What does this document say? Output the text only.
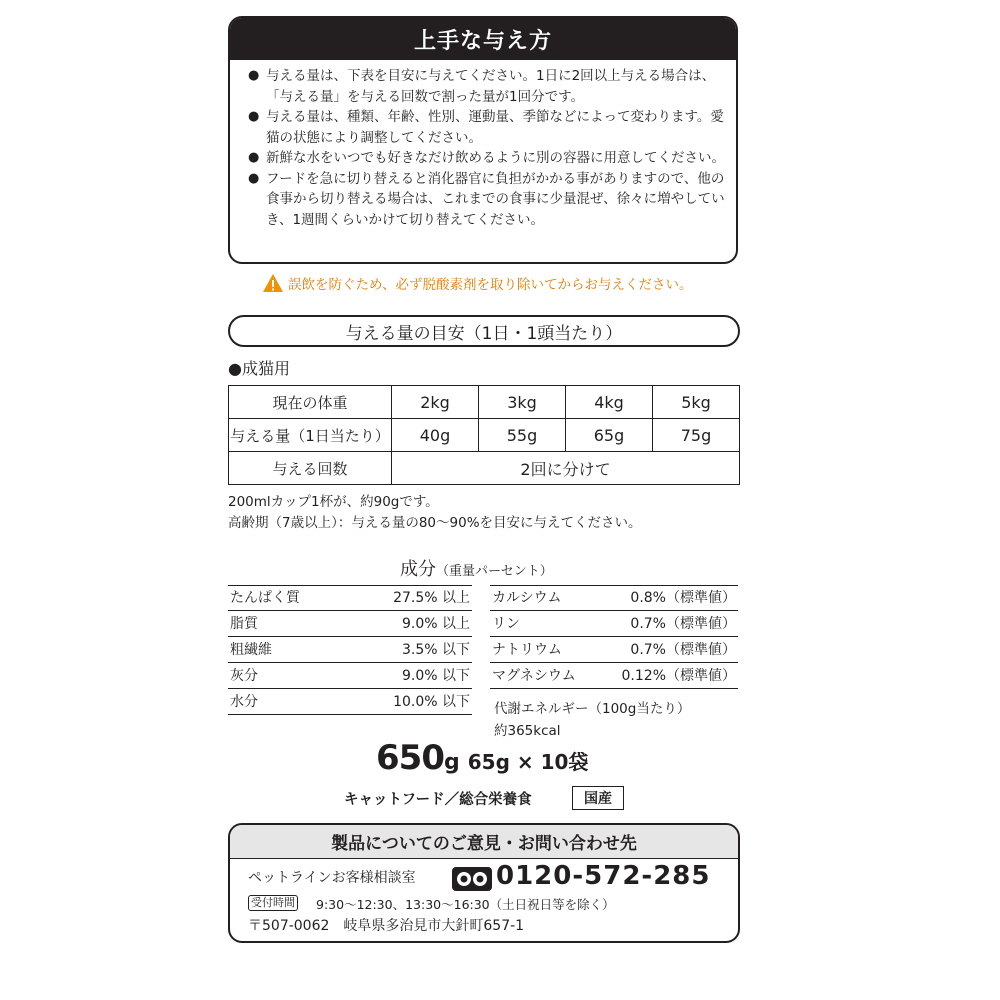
上手な与え方
● 与える量は、下表を目安に与えてください。1日に2回以上与える場合は、「与える量」を与える回数で割った量が1回分です。
● 与える量は、種類、年齢、性別、運動量、季節などによって変わります。愛猫の状態により調整してください。
● 新鮮な水をいつでも好きなだけ飲めるように別の容器に用意してください。
● フードを急に切り替えると消化器官に負担がかかる事がありますので、他の食事から切り替える場合は、これまでの食事に少量混ぜ、徐々に増やしていき、1週間くらいかけて切り替えてください。
誤飲を防ぐため、必ず脱酸素剤を取り除いてからお与えください。
与える量の目安（1日・1頭当たり）
●成猫用
現在の体重	2kg	3kg	4kg	5kg
与える量（1日当たり）	40g	55g	65g	75g
与える回数	2回に分けて			
200mlカップ1杯が、約90gです。
高齢期（7歳以上）：与える量の80〜90%を目安に与えてください。
成分（重量パーセント）
たんぱく質	27.5% 以上
脂質	9.0% 以上
粗繊維	3.5% 以下
灰分	9.0% 以下
水分	10.0% 以下
カルシウム	0.8%（標準値）
リン	0.7%（標準値）
ナトリウム	0.7%（標準値）
マグネシウム	0.12%（標準値）
代謝エネルギー（100g当たり）
約365kcal
650 g 65g × 10袋
キャットフード／総合栄養食	国産
製品についてのご意見・お問い合わせ先
ペットラインお客様相談室	0120-572-285
受付時間 9:30〜12:30、13:30〜16:30（土日祝日等を除く）
〒507-0062　岐阜県多治見市大針町657-1
